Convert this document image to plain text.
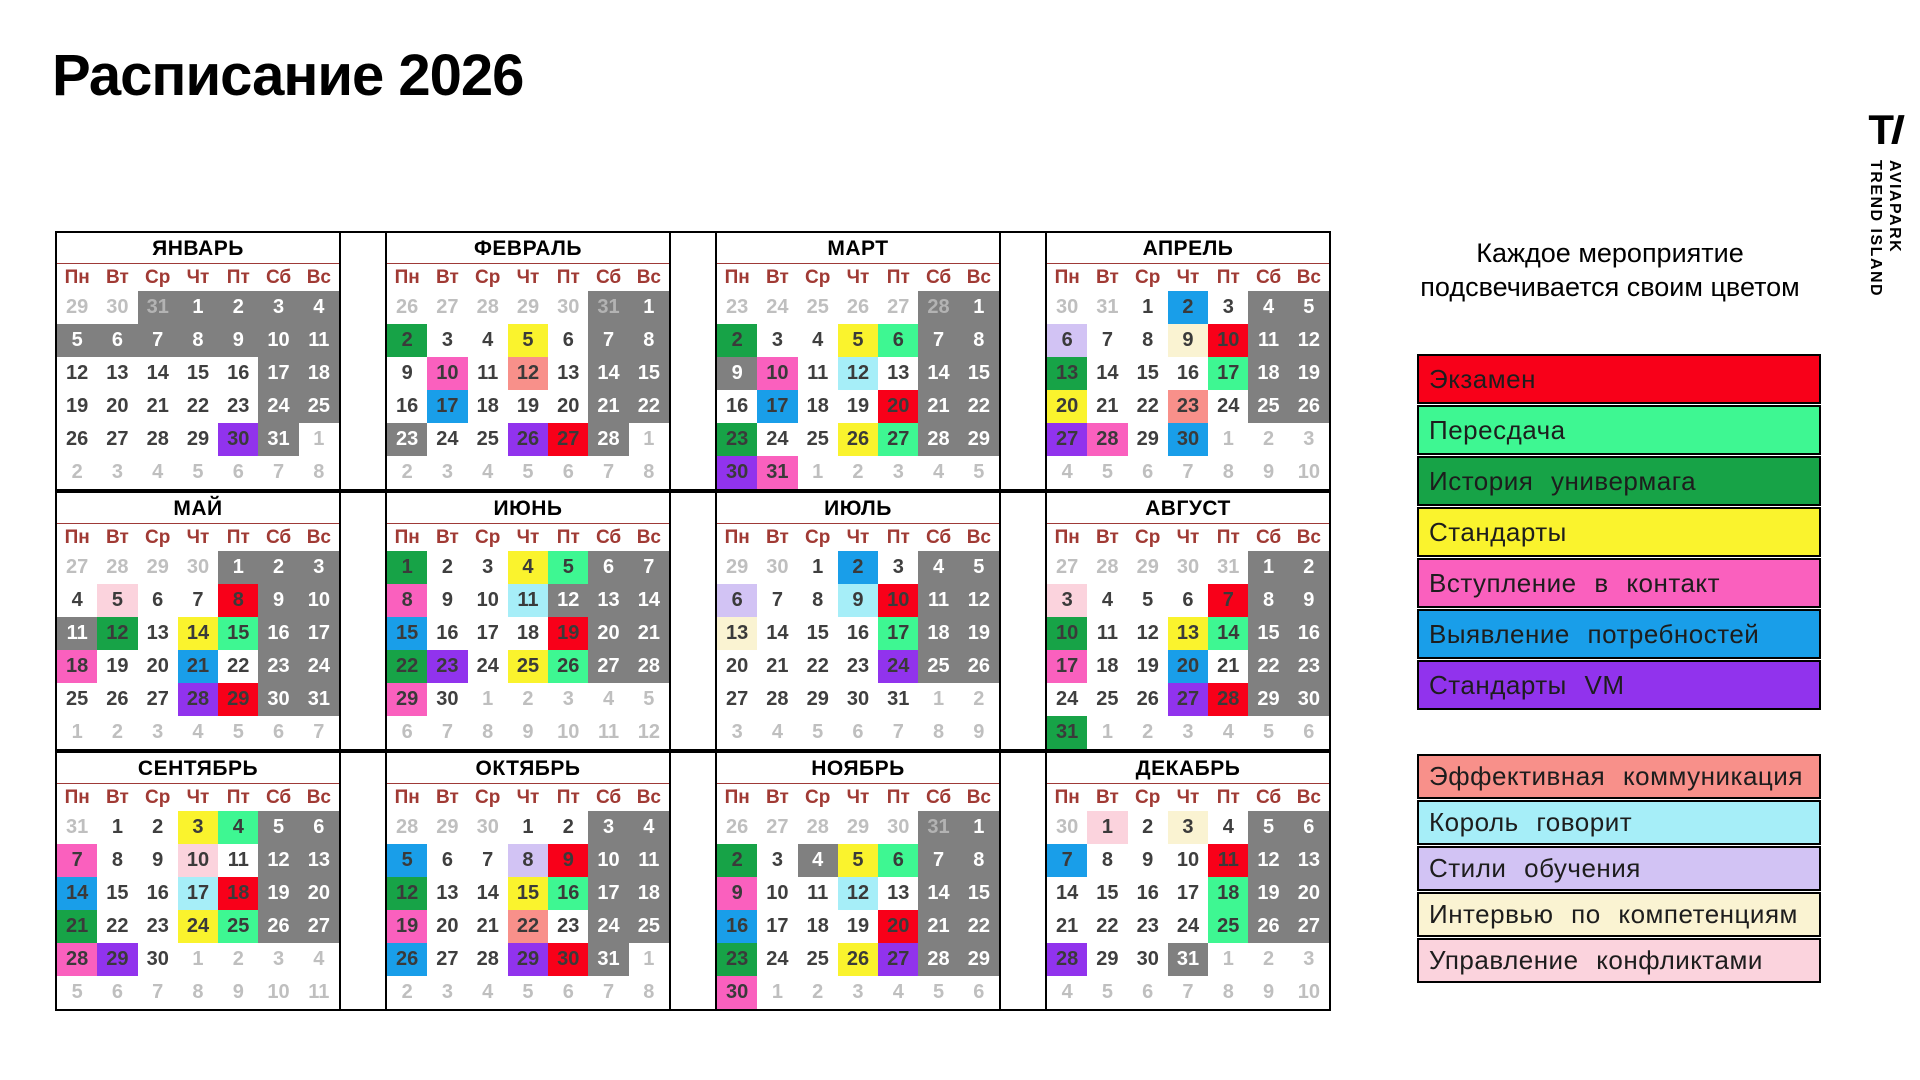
Расписание 2026
TI
TREND ISLAND AVIAPARK
Каждое мероприятие
подсвечивается своим цветом
ЯНВАРЬ
Пн	Вт	Ср	Чт	Пт	Сб	Вс
29	30	31	1	2	3	4
5	6	7	8	9	10	11
12	13	14	15	16	17	18
19	20	21	22	23	24	25
26	27	28	29	30	31	1
2	3	4	5	6	7	8
ФЕВРАЛЬ
Пн	Вт	Ср	Чт	Пт	Сб	Вс
26	27	28	29	30	31	1
2	3	4	5	6	7	8
9	10	11	12	13	14	15
16	17	18	19	20	21	22
23	24	25	26	27	28	1
2	3	4	5	6	7	8
МАРТ
Пн	Вт	Ср	Чт	Пт	Сб	Вс
23	24	25	26	27	28	1
2	3	4	5	6	7	8
9	10	11	12	13	14	15
16	17	18	19	20	21	22
23	24	25	26	27	28	29
30	31	1	2	3	4	5
АПРЕЛЬ
Пн	Вт	Ср	Чт	Пт	Сб	Вс
30	31	1	2	3	4	5
6	7	8	9	10	11	12
13	14	15	16	17	18	19
20	21	22	23	24	25	26
27	28	29	30	1	2	3
4	5	6	7	8	9	10
МАЙ
Пн	Вт	Ср	Чт	Пт	Сб	Вс
27	28	29	30	1	2	3
4	5	6	7	8	9	10
11	12	13	14	15	16	17
18	19	20	21	22	23	24
25	26	27	28	29	30	31
1	2	3	4	5	6	7
ИЮНЬ
Пн	Вт	Ср	Чт	Пт	Сб	Вс
1	2	3	4	5	6	7
8	9	10	11	12	13	14
15	16	17	18	19	20	21
22	23	24	25	26	27	28
29	30	1	2	3	4	5
6	7	8	9	10	11	12
ИЮЛЬ
Пн	Вт	Ср	Чт	Пт	Сб	Вс
29	30	1	2	3	4	5
6	7	8	9	10	11	12
13	14	15	16	17	18	19
20	21	22	23	24	25	26
27	28	29	30	31	1	2
3	4	5	6	7	8	9
АВГУСТ
Пн	Вт	Ср	Чт	Пт	Сб	Вс
27	28	29	30	31	1	2
3	4	5	6	7	8	9
10	11	12	13	14	15	16
17	18	19	20	21	22	23
24	25	26	27	28	29	30
31	1	2	3	4	5	6
СЕНТЯБРЬ
Пн	Вт	Ср	Чт	Пт	Сб	Вс
31	1	2	3	4	5	6
7	8	9	10	11	12	13
14	15	16	17	18	19	20
21	22	23	24	25	26	27
28	29	30	1	2	3	4
5	6	7	8	9	10	11
ОКТЯБРЬ
Пн	Вт	Ср	Чт	Пт	Сб	Вс
28	29	30	1	2	3	4
5	6	7	8	9	10	11
12	13	14	15	16	17	18
19	20	21	22	23	24	25
26	27	28	29	30	31	1
2	3	4	5	6	7	8
НОЯБРЬ
Пн	Вт	Ср	Чт	Пт	Сб	Вс
26	27	28	29	30	31	1
2	3	4	5	6	7	8
9	10	11	12	13	14	15
16	17	18	19	20	21	22
23	24	25	26	27	28	29
30	1	2	3	4	5	6
ДЕКАБРЬ
Пн	Вт	Ср	Чт	Пт	Сб	Вс
30	1	2	3	4	5	6
7	8	9	10	11	12	13
14	15	16	17	18	19	20
21	22	23	24	25	26	27
28	29	30	31	1	2	3
4	5	6	7	8	9	10
Экзамен
Пересдача
История универмага
Стандарты
Вступление в контакт
Выявление потребностей
Стандарты VM
Эффективная коммуникация
Король говорит
Стили обучения
Интервью по компетенциям
Управление конфликтами
